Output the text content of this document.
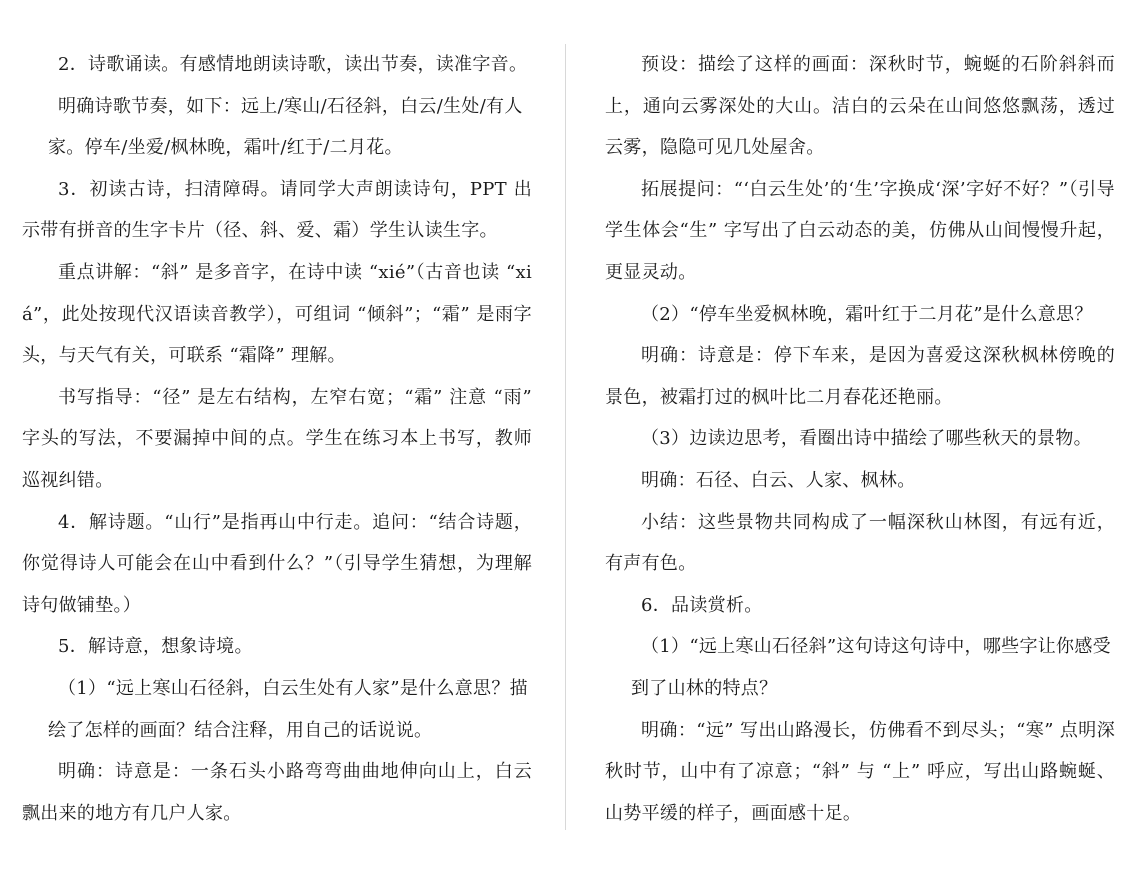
2．诗歌诵读。有感情地朗读诗歌，读出节奏，读准字音。

明确诗歌节奏，如下：远上/寒山/石径斜，白云/生处/有人家。停车/坐爱/枫林晚，霜叶/红于/二月花。

3．初读古诗，扫清障碍。请同学大声朗读诗句，PPT 出示带有拼音的生字卡片（径、斜、爱、霜）学生认读生字。

重点讲解：“斜” 是多音字，在诗中读 “xié”（古音也读 “xiá”，此处按现代汉语读音教学），可组词 “倾斜”；“霜” 是雨字头，与天气有关，可联系 “霜降” 理解。

书写指导：“径” 是左右结构，左窄右宽；“霜” 注意 “雨” 字头的写法，不要漏掉中间的点。学生在练习本上书写，教师巡视纠错。

4．解诗题。“山行”是指再山中行走。追问：“结合诗题，你觉得诗人可能会在山中看到什么？”（引导学生猜想，为理解诗句做铺垫。）

5．解诗意，想象诗境。

（1）“远上寒山石径斜，白云生处有人家”是什么意思？描绘了怎样的画面？结合注释，用自己的话说说。

明确：诗意是：一条石头小路弯弯曲曲地伸向山上，白云飘出来的地方有几户人家。

预设：描绘了这样的画面：深秋时节，蜿蜒的石阶斜斜而上，通向云雾深处的大山。洁白的云朵在山间悠悠飘荡，透过云雾，隐隐可见几处屋舍。

拓展提问：“‘白云生处’的‘生’字换成‘深’字好不好？”（引导学生体会“生” 字写出了白云动态的美，仿佛从山间慢慢升起，更显灵动。

（2）“停车坐爱枫林晚，霜叶红于二月花”是什么意思？

明确：诗意是：停下车来，是因为喜爱这深秋枫林傍晚的景色，被霜打过的枫叶比二月春花还艳丽。

（3）边读边思考，看圈出诗中描绘了哪些秋天的景物。

明确：石径、白云、人家、枫林。

小结：这些景物共同构成了一幅深秋山林图，有远有近，有声有色。

6．品读赏析。

（1）“远上寒山石径斜”这句诗这句诗中，哪些字让你感受到了山林的特点？

明确：“远” 写出山路漫长，仿佛看不到尽头；“寒” 点明深秋时节，山中有了凉意；“斜” 与 “上” 呼应，写出山路蜿蜒、山势平缓的样子，画面感十足。
